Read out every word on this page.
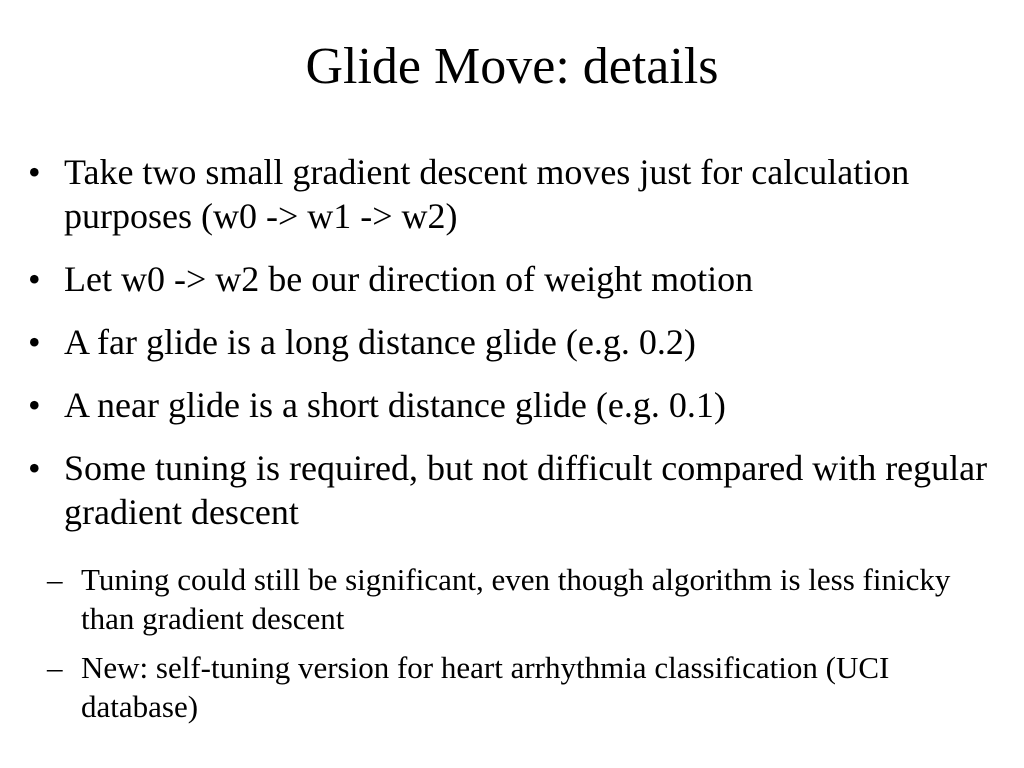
Glide Move: details
• Take two small gradient descent moves just for calculation purposes (w0 -> w1 -> w2)
• Let w0 -> w2 be our direction of weight motion
• A far glide is a long distance glide (e.g. 0.2)
• A near glide is a short distance glide (e.g. 0.1)
• Some tuning is required, but not difficult compared with regular gradient descent
– Tuning could still be significant, even though algorithm is less finicky than gradient descent
– New: self-tuning version for heart arrhythmia classification (UCI database)
